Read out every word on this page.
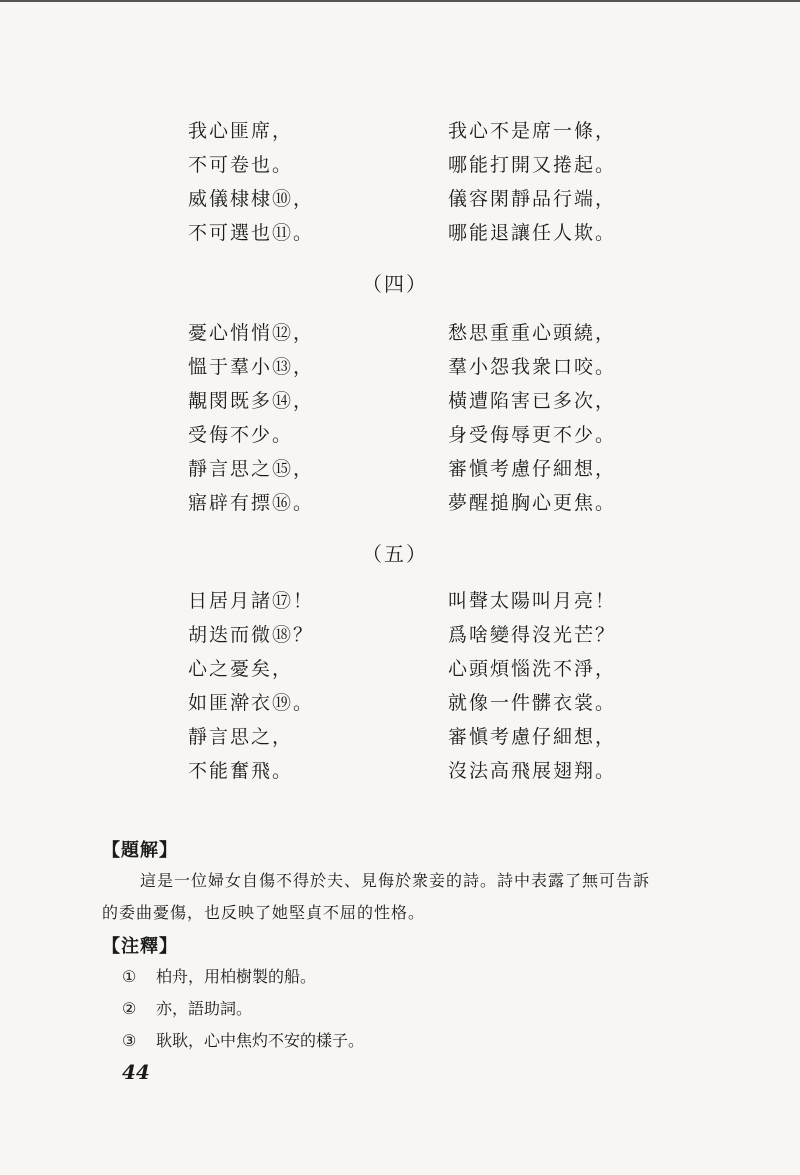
我心匪席，	我心不是席一條，
不可卷也。	哪能打開又捲起。
威儀棣棣⑩，	儀容閑靜品行端，
不可選也⑪。	哪能退讓任人欺。
（四）
憂心悄悄⑫，	愁思重重心頭繞，
慍于羣小⑬，	羣小怨我衆口咬。
覯閔既多⑭，	橫遭陷害已多次，
受侮不少。	身受侮辱更不少。
靜言思之⑮，	審愼考慮仔細想，
寤辟有摽⑯。	夢醒搥胸心更焦。
（五）
日居月諸⑰！	叫聲太陽叫月亮！
胡迭而微⑱？	爲啥變得沒光芒？
心之憂矣，	心頭煩惱洗不淨，
如匪澣衣⑲。	就像一件髒衣裳。
靜言思之，	審愼考慮仔細想，
不能奮飛。	沒法高飛展翅翔。
【題解】
這是一位婦女自傷不得於夫、見侮於衆妾的詩。詩中表露了無可告訴
的委曲憂傷，也反映了她堅貞不屈的性格。
【注釋】
① 柏舟，用柏樹製的船。
② 亦，語助詞。
③ 耿耿，心中焦灼不安的樣子。
44
